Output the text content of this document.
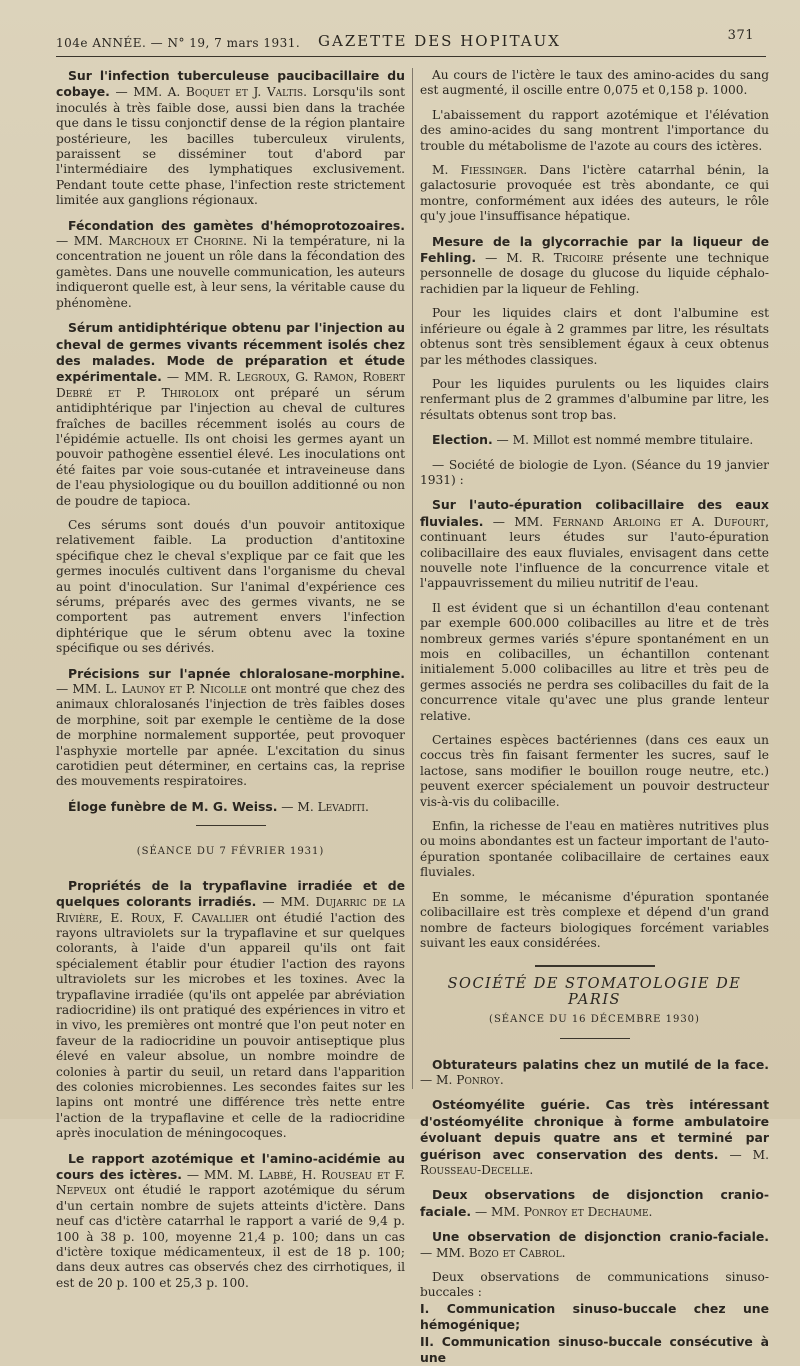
104e ANNÉE. — N° 19, 7 mars 1931. GAZETTE DES HOPITAUX	371

Sur l'infection tuberculeuse paucibacillaire du cobaye. — MM. A. Boquet et J. Valtis. Lorsqu'ils sont inoculés à très faible dose, aussi bien dans la trachée que dans le tissu conjonctif dense de la région plantaire postérieure, les bacilles tuberculeux virulents, paraissent se disséminer tout d'abord par l'intermédiaire des lymphatiques exclusivement. Pendant toute cette phase, l'infection reste strictement limitée aux ganglions régionaux.

Fécondation des gamètes d'hémoprotozoaires. — MM. Marchoux et Chorine. Ni la température, ni la concentration ne jouent un rôle dans la fécondation des gamètes. Dans une nouvelle communication, les auteurs indiqueront quelle est, à leur sens, la véritable cause du phénomène.

Sérum antidiphtérique obtenu par l'injection au cheval de germes vivants récemment isolés chez des malades. Mode de préparation et étude expérimentale. — MM. R. Legroux, G. Ramon, Robert Debré et P. Thiroloix ont préparé un sérum antidiphtérique par l'injection au cheval de cultures fraîches de bacilles récemment isolés au cours de l'épidémie actuelle. Ils ont choisi les germes ayant un pouvoir pathogène essentiel élevé. Les inoculations ont été faites par voie sous-cutanée et intraveineuse dans de l'eau physiologique ou du bouillon additionné ou non de poudre de tapioca.

Ces sérums sont doués d'un pouvoir antitoxique relativement faible. La production d'antitoxine spécifique chez le cheval s'explique par ce fait que les germes inoculés cultivent dans l'organisme du cheval au point d'inoculation. Sur l'animal d'expérience ces sérums, préparés avec des germes vivants, ne se comportent pas autrement envers l'infection diphtérique que le sérum obtenu avec la toxine spécifique ou ses dérivés.

Précisions sur l'apnée chloralosane-morphine. — MM. L. Launoy et P. Nicolle ont montré que chez des animaux chloralosanés l'injection de très faibles doses de morphine, soit par exemple le centième de la dose de morphine normalement supportée, peut provoquer l'asphyxie mortelle par apnée. L'excitation du sinus carotidien peut déterminer, en certains cas, la reprise des mouvements respiratoires.

Éloge funèbre de M. G. Weiss. — M. Levaditi.

(SÉANCE DU 7 FÉVRIER 1931)

Propriétés de la trypaflavine irradiée et de quelques colorants irradiés. — MM. Dujarric de la Rivière, E. Roux, F. Cavallier ont étudié l'action des rayons ultraviolets sur la trypaflavine et sur quelques colorants, à l'aide d'un appareil qu'ils ont fait spécialement établir pour étudier l'action des rayons ultraviolets sur les microbes et les toxines. Avec la trypaflavine irradiée (qu'ils ont appelée par abréviation radiocridine) ils ont pratiqué des expériences in vitro et in vivo, les premières ont montré que l'on peut noter en faveur de la radiocridine un pouvoir antiseptique plus élevé en valeur absolue, un nombre moindre de colonies à partir du seuil, un retard dans l'apparition des colonies microbiennes. Les secondes faites sur les lapins ont montré une différence très nette entre l'action de la trypaflavine et celle de la radiocridine après inoculation de méningocoques.

Le rapport azotémique et l'amino-acidémie au cours des ictères. — MM. M. Labbé, H. Rouseau et F. Nepveux ont étudié le rapport azotémique du sérum d'un certain nombre de sujets atteints d'ictère. Dans neuf cas d'ictère catarrhal le rapport a varié de 9,4 p. 100 à 38 p. 100, moyenne 21,4 p. 100; dans un cas d'ictère toxique médicamenteux, il est de 18 p. 100; dans deux autres cas observés chez des cirrhotiques, il est de 20 p. 100 et 25,3 p. 100.

Au cours de l'ictère le taux des amino-acides du sang est augmenté, il oscille entre 0,075 et 0,158 p. 1000.

L'abaissement du rapport azotémique et l'élévation des amino-acides du sang montrent l'importance du trouble du métabolisme de l'azote au cours des ictères.

M. Fiessinger. Dans l'ictère catarrhal bénin, la galactosurie provoquée est très abondante, ce qui montre, conformément aux idées des auteurs, le rôle qu'y joue l'insuffisance hépatique.

Mesure de la glycorrachie par la liqueur de Fehling. — M. R. Tricoire présente une technique personnelle de dosage du glucose du liquide céphalo-rachidien par la liqueur de Fehling.

Pour les liquides clairs et dont l'albumine est inférieure ou égale à 2 grammes par litre, les résultats obtenus sont très sensiblement égaux à ceux obtenus par les méthodes classiques.

Pour les liquides purulents ou les liquides clairs renfermant plus de 2 grammes d'albumine par litre, les résultats obtenus sont trop bas.

Election. — M. Millot est nommé membre titulaire.

— Société de biologie de Lyon. (Séance du 19 janvier 1931) :

Sur l'auto-épuration colibacillaire des eaux fluviales. — MM. Fernand Arloing et A. Dufourt, continuant leurs études sur l'auto-épuration colibacillaire des eaux fluviales, envisagent dans cette nouvelle note l'influence de la concurrence vitale et l'appauvrissement du milieu nutritif de l'eau.

Il est évident que si un échantillon d'eau contenant par exemple 600.000 colibacilles au litre et de très nombreux germes variés s'épure spontanément en un mois en colibacilles, un échantillon contenant initialement 5.000 colibacilles au litre et très peu de germes associés ne perdra ses colibacilles du fait de la concurrence vitale qu'avec une plus grande lenteur relative.

Certaines espèces bactériennes (dans ces eaux un coccus très fin faisant fermenter les sucres, sauf le lactose, sans modifier le bouillon rouge neutre, etc.) peuvent exercer spécialement un pouvoir destructeur vis-à-vis du colibacille.

Enfin, la richesse de l'eau en matières nutritives plus ou moins abondantes est un facteur important de l'auto-épuration spontanée colibacillaire de certaines eaux fluviales.

En somme, le mécanisme d'épuration spontanée colibacillaire est très complexe et dépend d'un grand nombre de facteurs biologiques forcément variables suivant les eaux considérées.

SOCIÉTÉ DE STOMATOLOGIE DE PARIS

(SÉANCE DU 16 DÉCEMBRE 1930)

Obturateurs palatins chez un mutilé de la face. — M. Ponroy.

Ostéomyélite guérie. Cas très intéressant d'ostéomyélite chronique à forme ambulatoire évoluant depuis quatre ans et terminé par guérison avec conservation des dents. — M. Rousseau-Decelle.

Deux observations de disjonction cranio-faciale. — MM. Ponroy et Dechaume.

Une observation de disjonction cranio-faciale. — MM. Bozo et Cabrol.

Deux observations de communications sinuso-buccales :
I. Communication sinuso-buccale chez une hémogénique;
II. Communication sinuso-buccale consécutive à une
